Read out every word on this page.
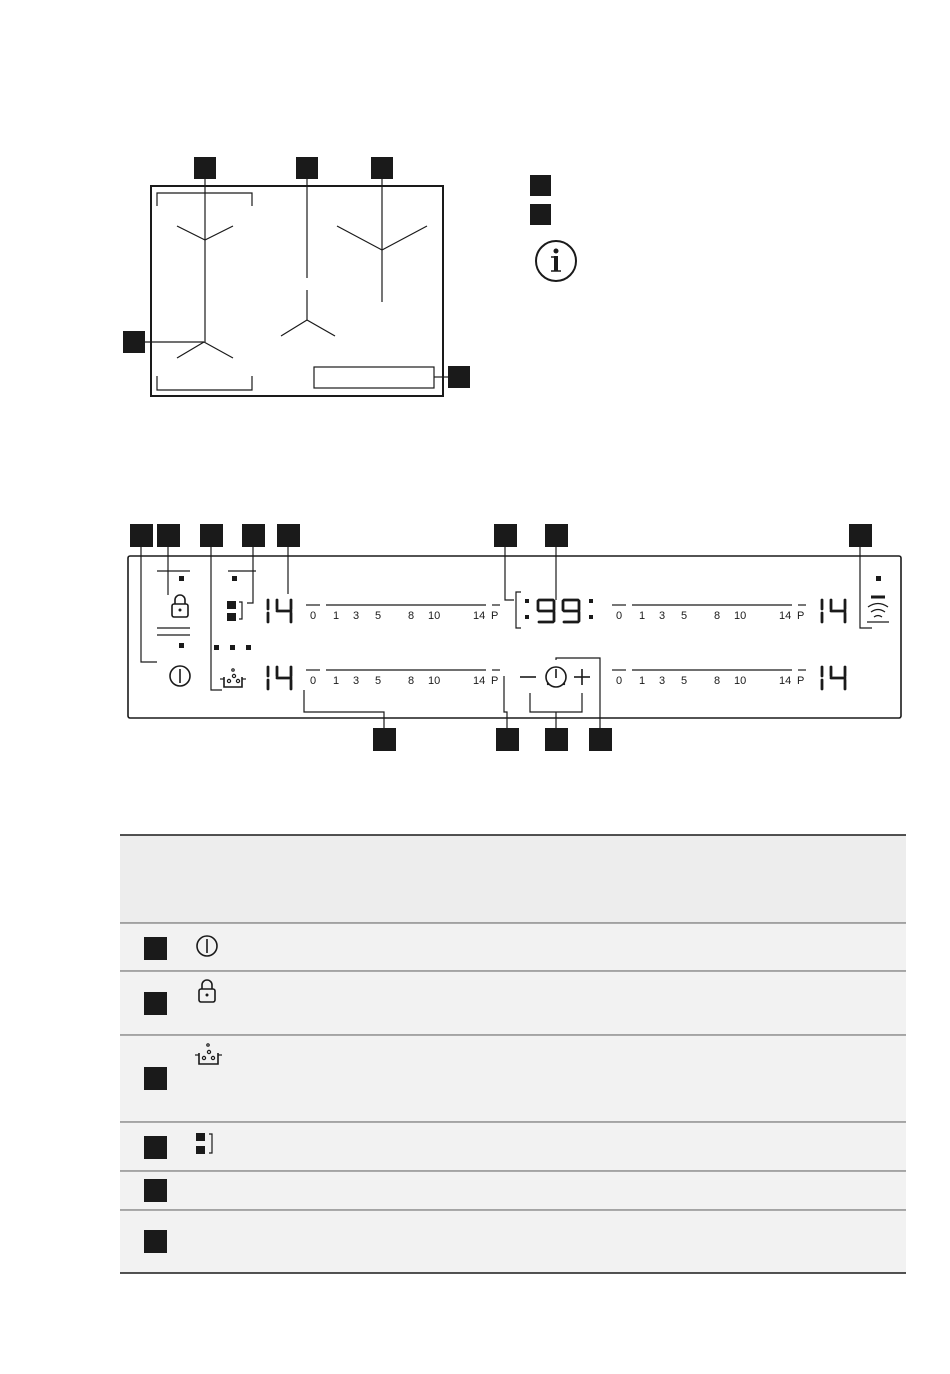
0 1 3 5 8 10	14 P
0 1 3 5 8 10	14 P
0 1 3 5 8 10	14 P
0 1 3 5 8 10	14 P
14
:99:
